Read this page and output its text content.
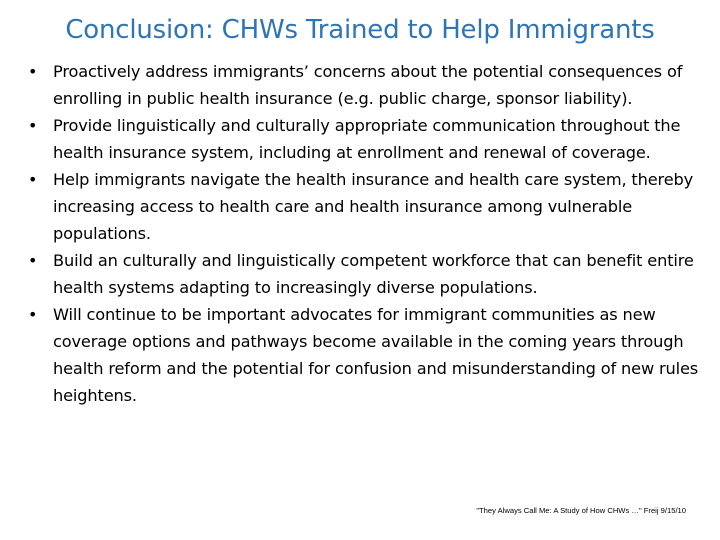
Conclusion: CHWs Trained to Help Immigrants
• Proactively address immigrants’ concerns about the potential consequences of enrolling in public health insurance (e.g. public charge, sponsor liability).
• Provide linguistically and culturally appropriate communication throughout the health insurance system, including at enrollment and renewal of coverage.
• Help immigrants navigate the health insurance and health care system, thereby increasing access to health care and health insurance among vulnerable populations.
• Build an culturally and linguistically competent workforce that can benefit entire health systems adapting to increasingly diverse populations.
• Will continue to be important advocates for immigrant communities as new coverage options and pathways become available in the coming years through health reform and the potential for confusion and misunderstanding of new rules heightens.
"They Always Call Me: A Study of How CHWs …" Freij 9/15/10
